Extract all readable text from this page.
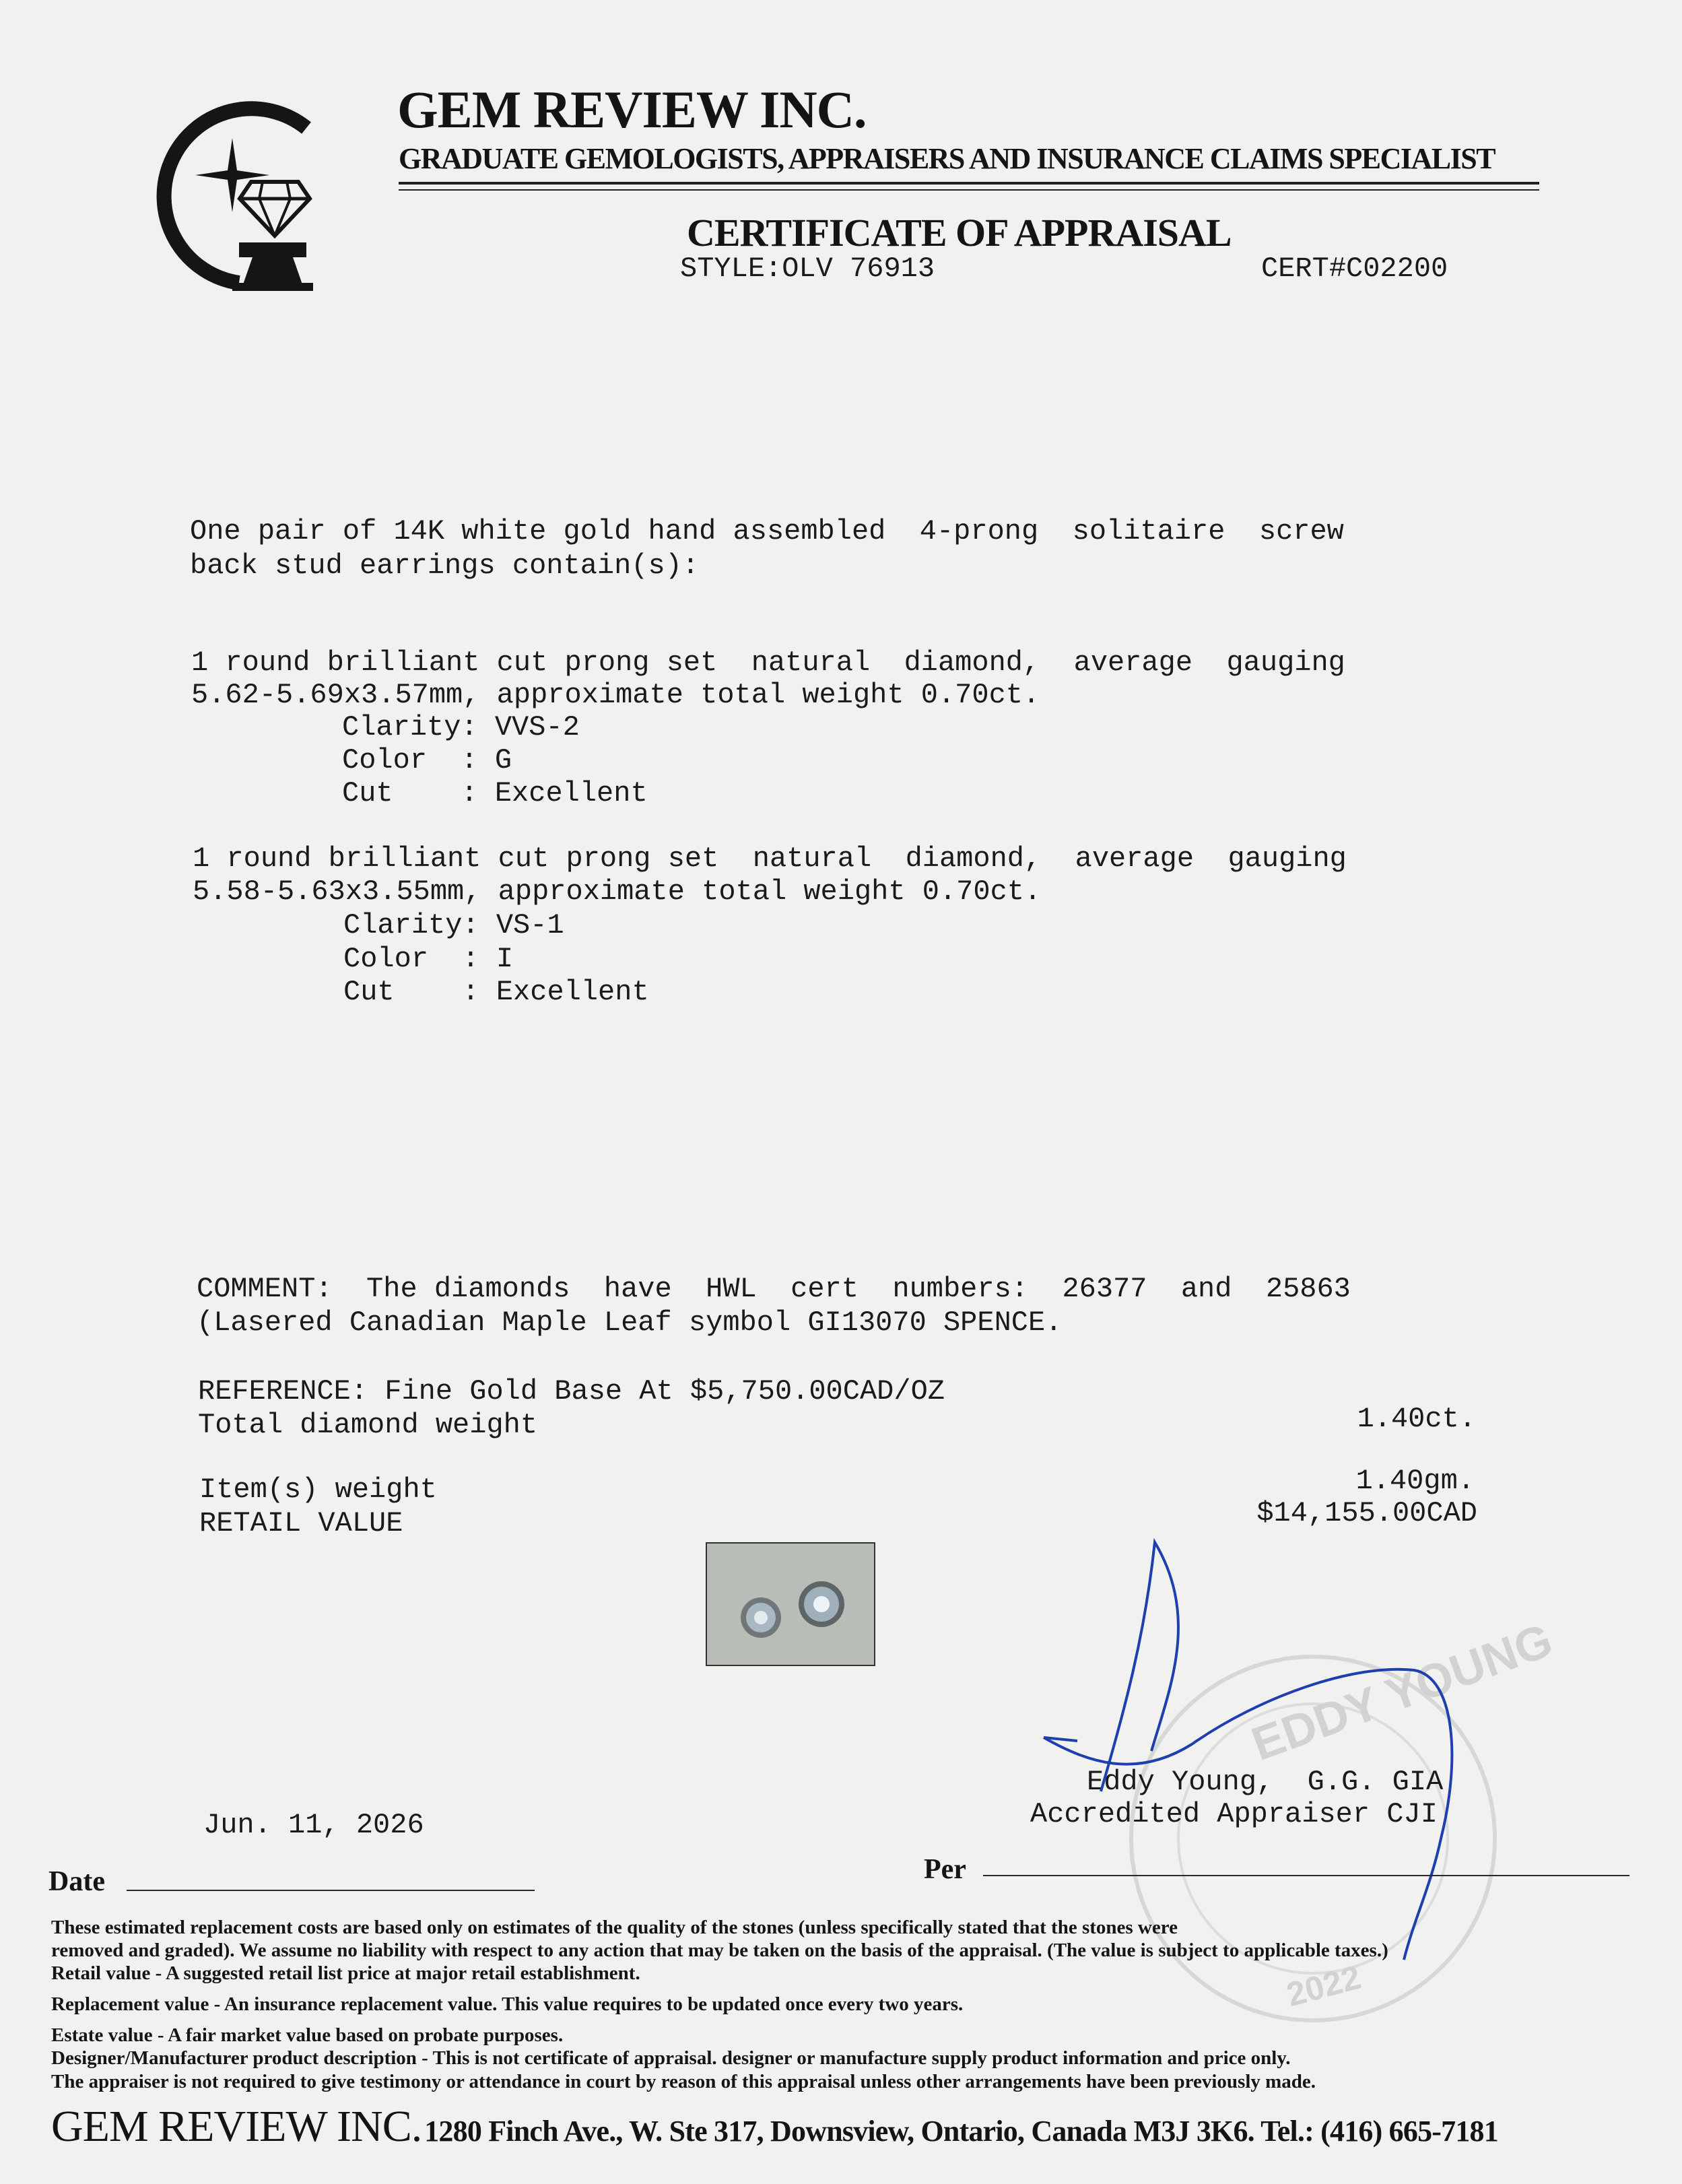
GEM REVIEW INC.
GRADUATE GEMOLOGISTS, APPRAISERS AND INSURANCE CLAIMS SPECIALIST
CERTIFICATE OF APPRAISAL
STYLE:OLV 76913	CERT#C02200
One pair of 14K white gold hand assembled  4-prong  solitaire  screw
back stud earrings contain(s):
1 round brilliant cut prong set  natural  diamond,  average  gauging
5.62-5.69x3.57mm, approximate total weight 0.70ct.
Clarity: VVS-2
Color  : G
Cut    : Excellent
1 round brilliant cut prong set  natural  diamond,  average  gauging
5.58-5.63x3.55mm, approximate total weight 0.70ct.
Clarity: VS-1
Color  : I
Cut    : Excellent
COMMENT:  The diamonds  have  HWL  cert  numbers:  26377  and  25863
(Lasered Canadian Maple Leaf symbol GI13070 SPENCE.
REFERENCE: Fine Gold Base At $5,750.00CAD/OZ
Total diamond weight	1.40ct.
Item(s) weight	1.40gm.
RETAIL VALUE	$14,155.00CAD
EDDY YOUNG
2022
Eddy Young,  G.G. GIA
Accredited Appraiser CJI
Jun. 11, 2026
Date	Per
These estimated replacement costs are based only on estimates of the quality of the stones (unless specifically stated that the stones were
removed and graded). We assume no liability with respect to any action that may be taken on the basis of the appraisal. (The value is subject to applicable taxes.)
Retail value - A suggested retail list price at major retail establishment.
Replacement value - An insurance replacement value. This value requires to be updated once every two years.
Estate value - A fair market value based on probate purposes.
Designer/Manufacturer product description - This is not certificate of appraisal. designer or manufacture supply product information and price only.
The appraiser is not required to give testimony or attendance in court by reason of this appraisal unless other arrangements have been previously made.
GEM REVIEW INC. 1280 Finch Ave., W. Ste 317, Downsview, Ontario, Canada M3J 3K6. Tel.: (416) 665-7181
